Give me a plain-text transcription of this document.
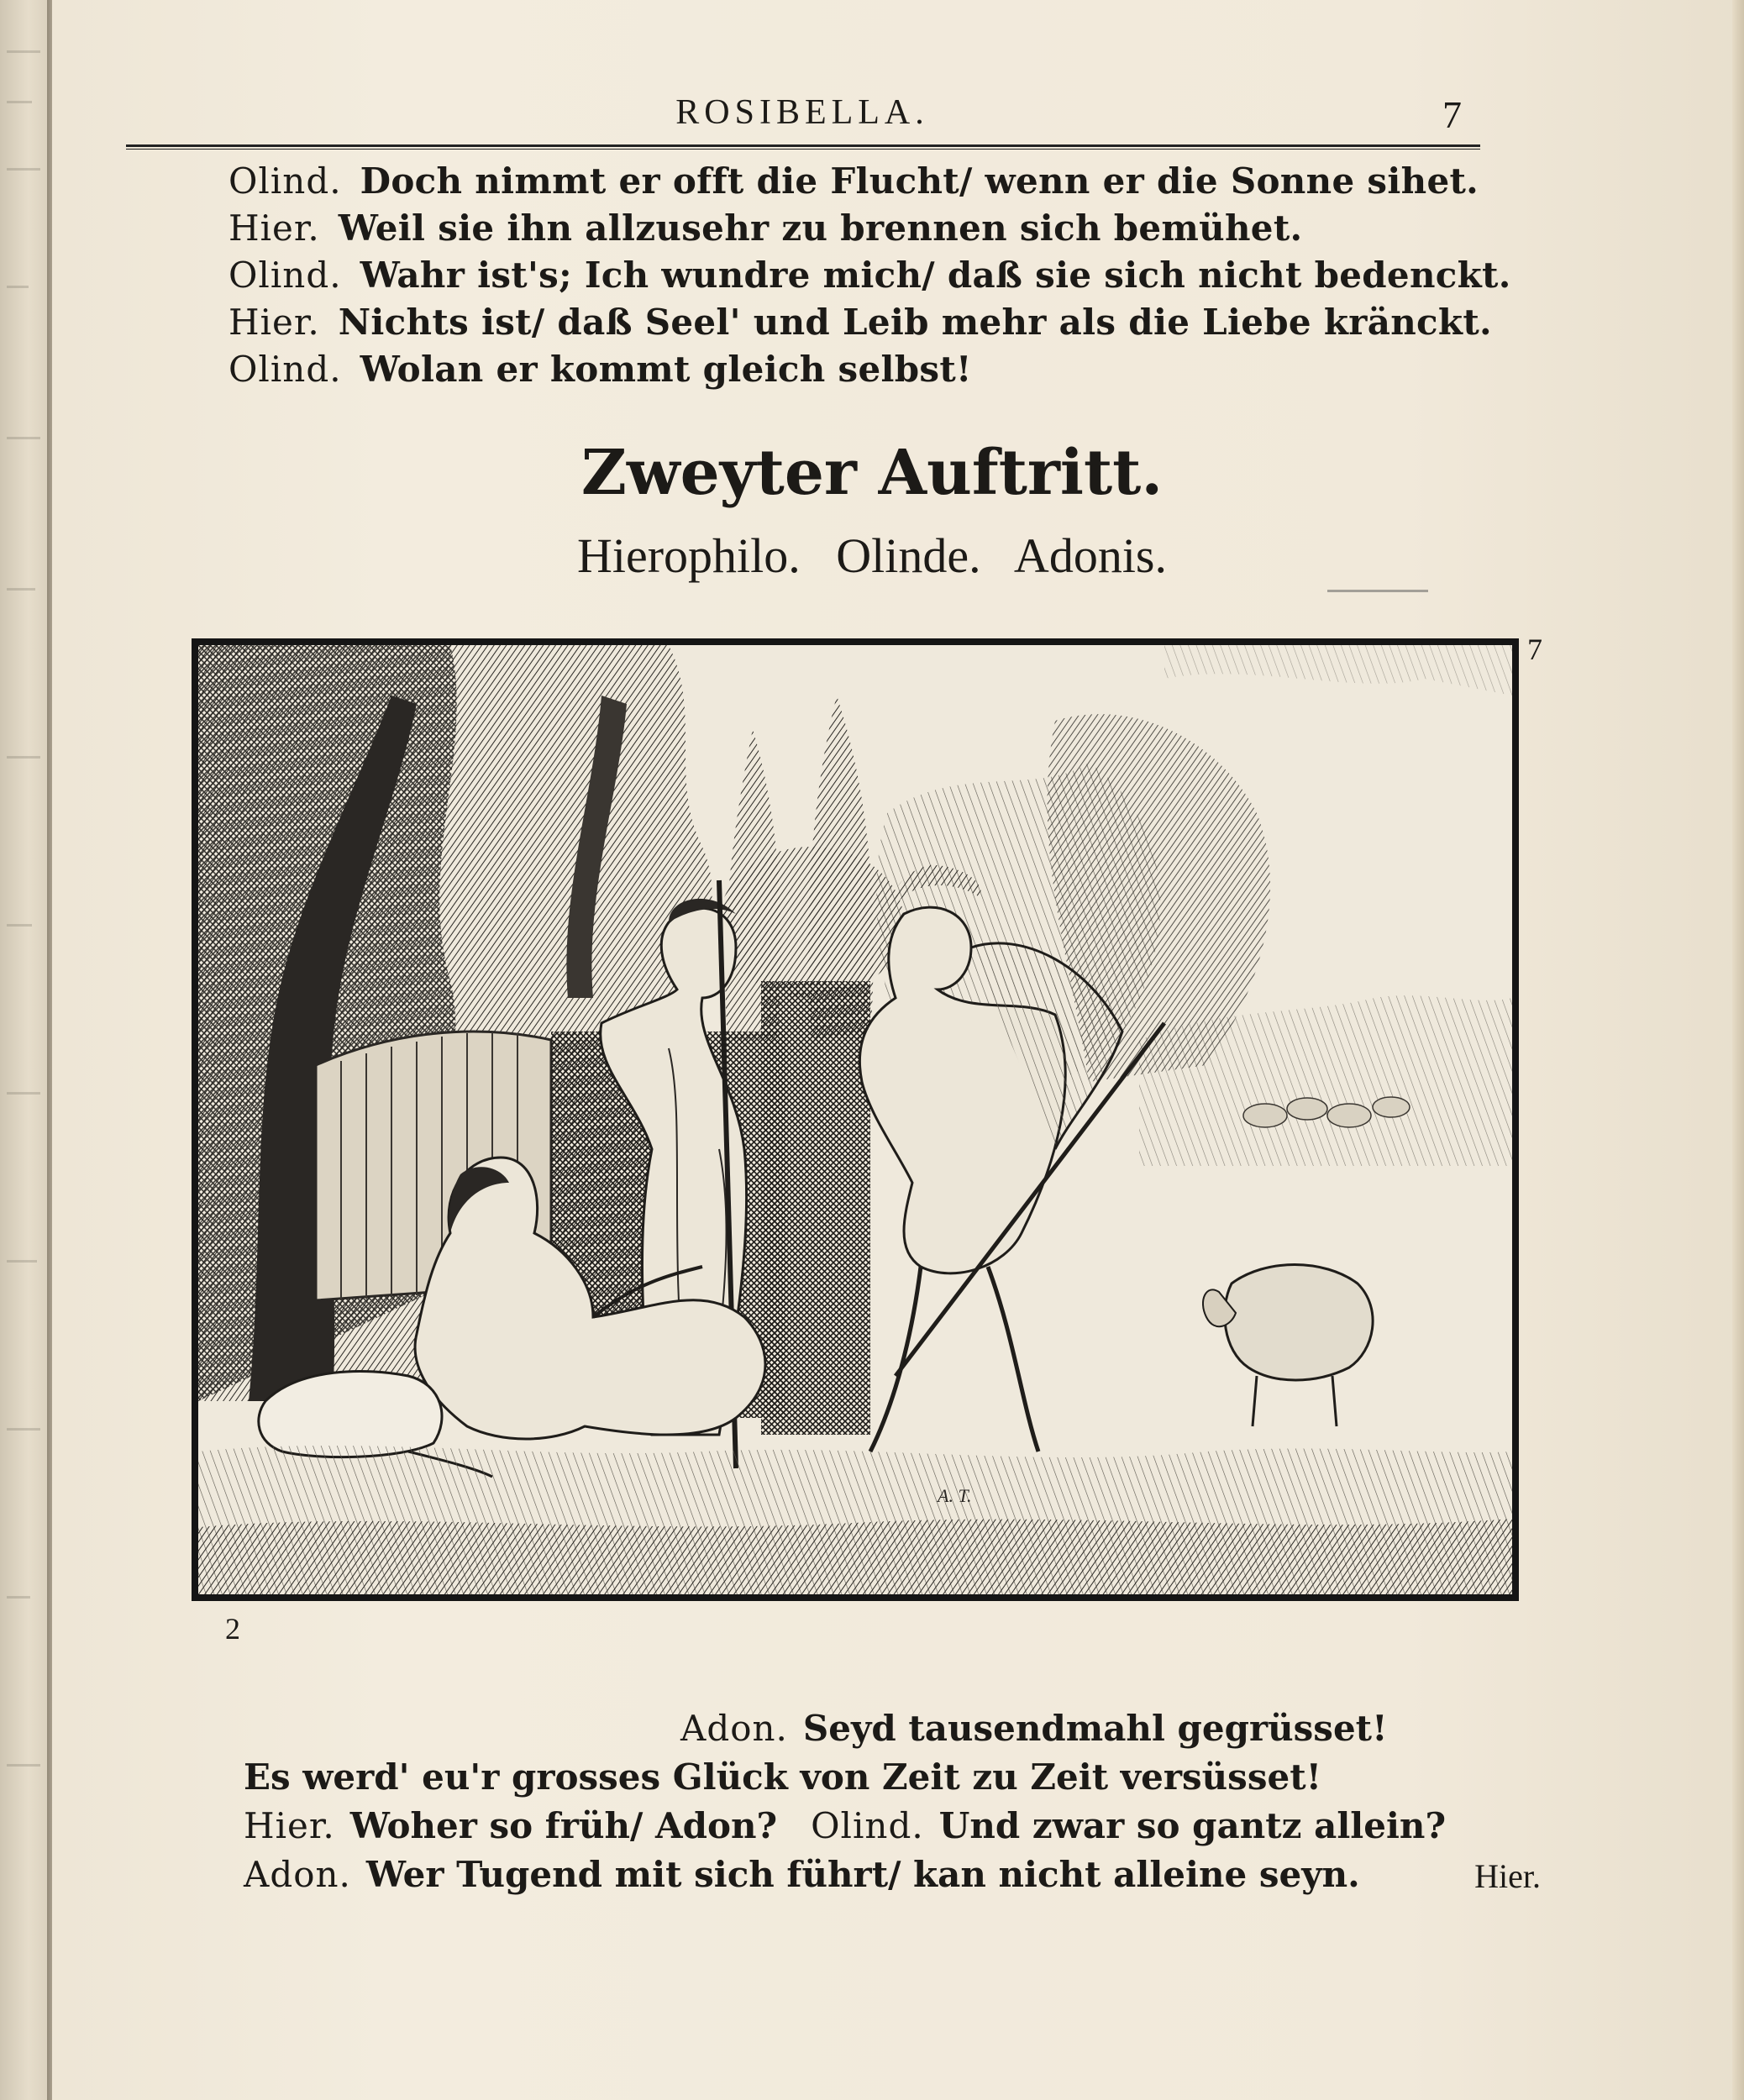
ROSIBELLA.	7
Olind. Doch nimmt er offt die Flucht/ wenn er die Sonne sihet.
Hier. Weil sie ihn allzusehr zu brennen sich bemühet.
Olind. Wahr ist's; Ich wundre mich/ daß sie sich nicht bedenckt.
Hier. Nichts ist/ daß Seel' und Leib mehr als die Liebe kränckt.
Olind. Wolan er kommt gleich selbst!
Zweyter Auftritt.
Hierophilo. Olinde. Adonis.
A. T.
7
2
Adon. Seyd tausendmahl gegrüsset!
Es werd' eu'r grosses Glück von Zeit zu Zeit versüsset!
Hier. Woher so früh/ Adon? Olind. Und zwar so gantz allein?
Adon. Wer Tugend mit sich führt/ kan nicht alleine seyn.	Hier.
